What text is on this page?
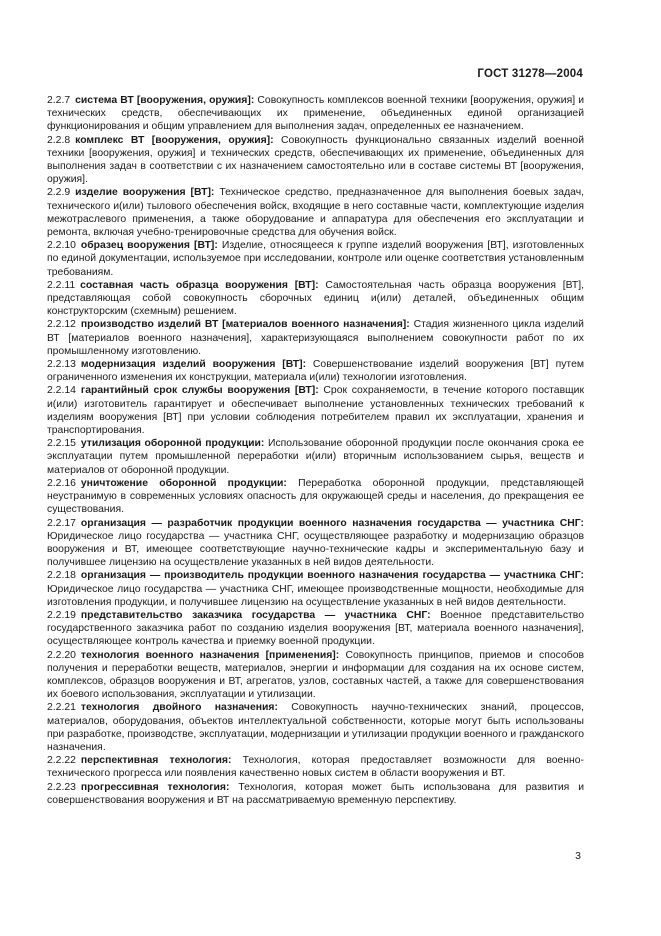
ГОСТ 31278—2004

2.2.7 система ВТ [вооружения, оружия]: Совокупность комплексов военной техники [вооружения, оружия] и технических средств, обеспечивающих их применение, объединенных единой организацией функционирования и общим управлением для выполнения задач, определенных ее назначением.

2.2.8 комплекс ВТ [вооружения, оружия]: Совокупность функционально связанных изделий военной техники [вооружения, оружия] и технических средств, обеспечивающих их применение, объединенных для выполнения задач в соответствии с их назначением самостоятельно или в составе системы ВТ [вооружения, оружия].

2.2.9 изделие вооружения [ВТ]: Техническое средство, предназначенное для выполнения боевых задач, технического и(или) тылового обеспечения войск, входящие в него составные части, комплектующие изделия межотраслевого применения, а также оборудование и аппаратура для обеспечения его эксплуатации и ремонта, включая учебно-тренировочные средства для обучения войск.

2.2.10 образец вооружения [ВТ]: Изделие, относящееся к группе изделий вооружения [ВТ], изготовленных по единой документации, используемое при исследовании, контроле или оценке соответствия установленным требованиям.

2.2.11 составная часть образца вооружения [ВТ]: Самостоятельная часть образца вооружения [ВТ], представляющая собой совокупность сборочных единиц и(или) деталей, объединенных общим конструкторским (схемным) решением.

2.2.12 производство изделий ВТ [материалов военного назначения]: Стадия жизненного цикла изделий ВТ [материалов военного назначения], характеризующаяся выполнением совокупности работ по их промышленному изготовлению.

2.2.13 модернизация изделий вооружения [ВТ]: Совершенствование изделий вооружения [ВТ] путем ограниченного изменения их конструкции, материала и(или) технологии изготовления.

2.2.14 гарантийный срок службы вооружения [ВТ]: Срок сохраняемости, в течение которого поставщик и(или) изготовитель гарантирует и обеспечивает выполнение установленных технических требований к изделиям вооружения [ВТ] при условии соблюдения потребителем правил их эксплуатации, хранения и транспортирования.

2.2.15 утилизация оборонной продукции: Использование оборонной продукции после окончания срока ее эксплуатации путем промышленной переработки и(или) вторичным использованием сырья, веществ и материалов от оборонной продукции.

2.2.16 уничтожение оборонной продукции: Переработка оборонной продукции, представляющей неустранимую в современных условиях опасность для окружающей среды и населения, до прекращения ее существования.

2.2.17 организация — разработчик продукции военного назначения государства — участника СНГ: Юридическое лицо государства — участника СНГ, осуществляющее разработку и модернизацию образцов вооружения и ВТ, имеющее соответствующие научно-технические кадры и экспериментальную базу и получившее лицензию на осуществление указанных в ней видов деятельности.

2.2.18 организация — производитель продукции военного назначения государства — участника СНГ: Юридическое лицо государства — участника СНГ, имеющее производственные мощности, необходимые для изготовления продукции, и получившее лицензию на осуществление указанных в ней видов деятельности.

2.2.19 представительство заказчика государства — участника СНГ: Военное представительство государственного заказчика работ по созданию изделия вооружения [ВТ, материала военного назначения], осуществляющее контроль качества и приемку военной продукции.

2.2.20 технология военного назначения [применения]: Совокупность принципов, приемов и способов получения и переработки веществ, материалов, энергии и информации для создания на их основе систем, комплексов, образцов вооружения и ВТ, агрегатов, узлов, составных частей, а также для совершенствования их боевого использования, эксплуатации и утилизации.

2.2.21 технология двойного назначения: Совокупность научно-технических знаний, процессов, материалов, оборудования, объектов интеллектуальной собственности, которые могут быть использованы при разработке, производстве, эксплуатации, модернизации и утилизации продукции военного и гражданского назначения.

2.2.22 перспективная технология: Технология, которая предоставляет возможности для военно-технического прогресса или появления качественно новых систем в области вооружения и ВТ.

2.2.23 прогрессивная технология: Технология, которая может быть использована для развития и совершенствования вооружения и ВТ на рассматриваемую временную перспективу.

3
